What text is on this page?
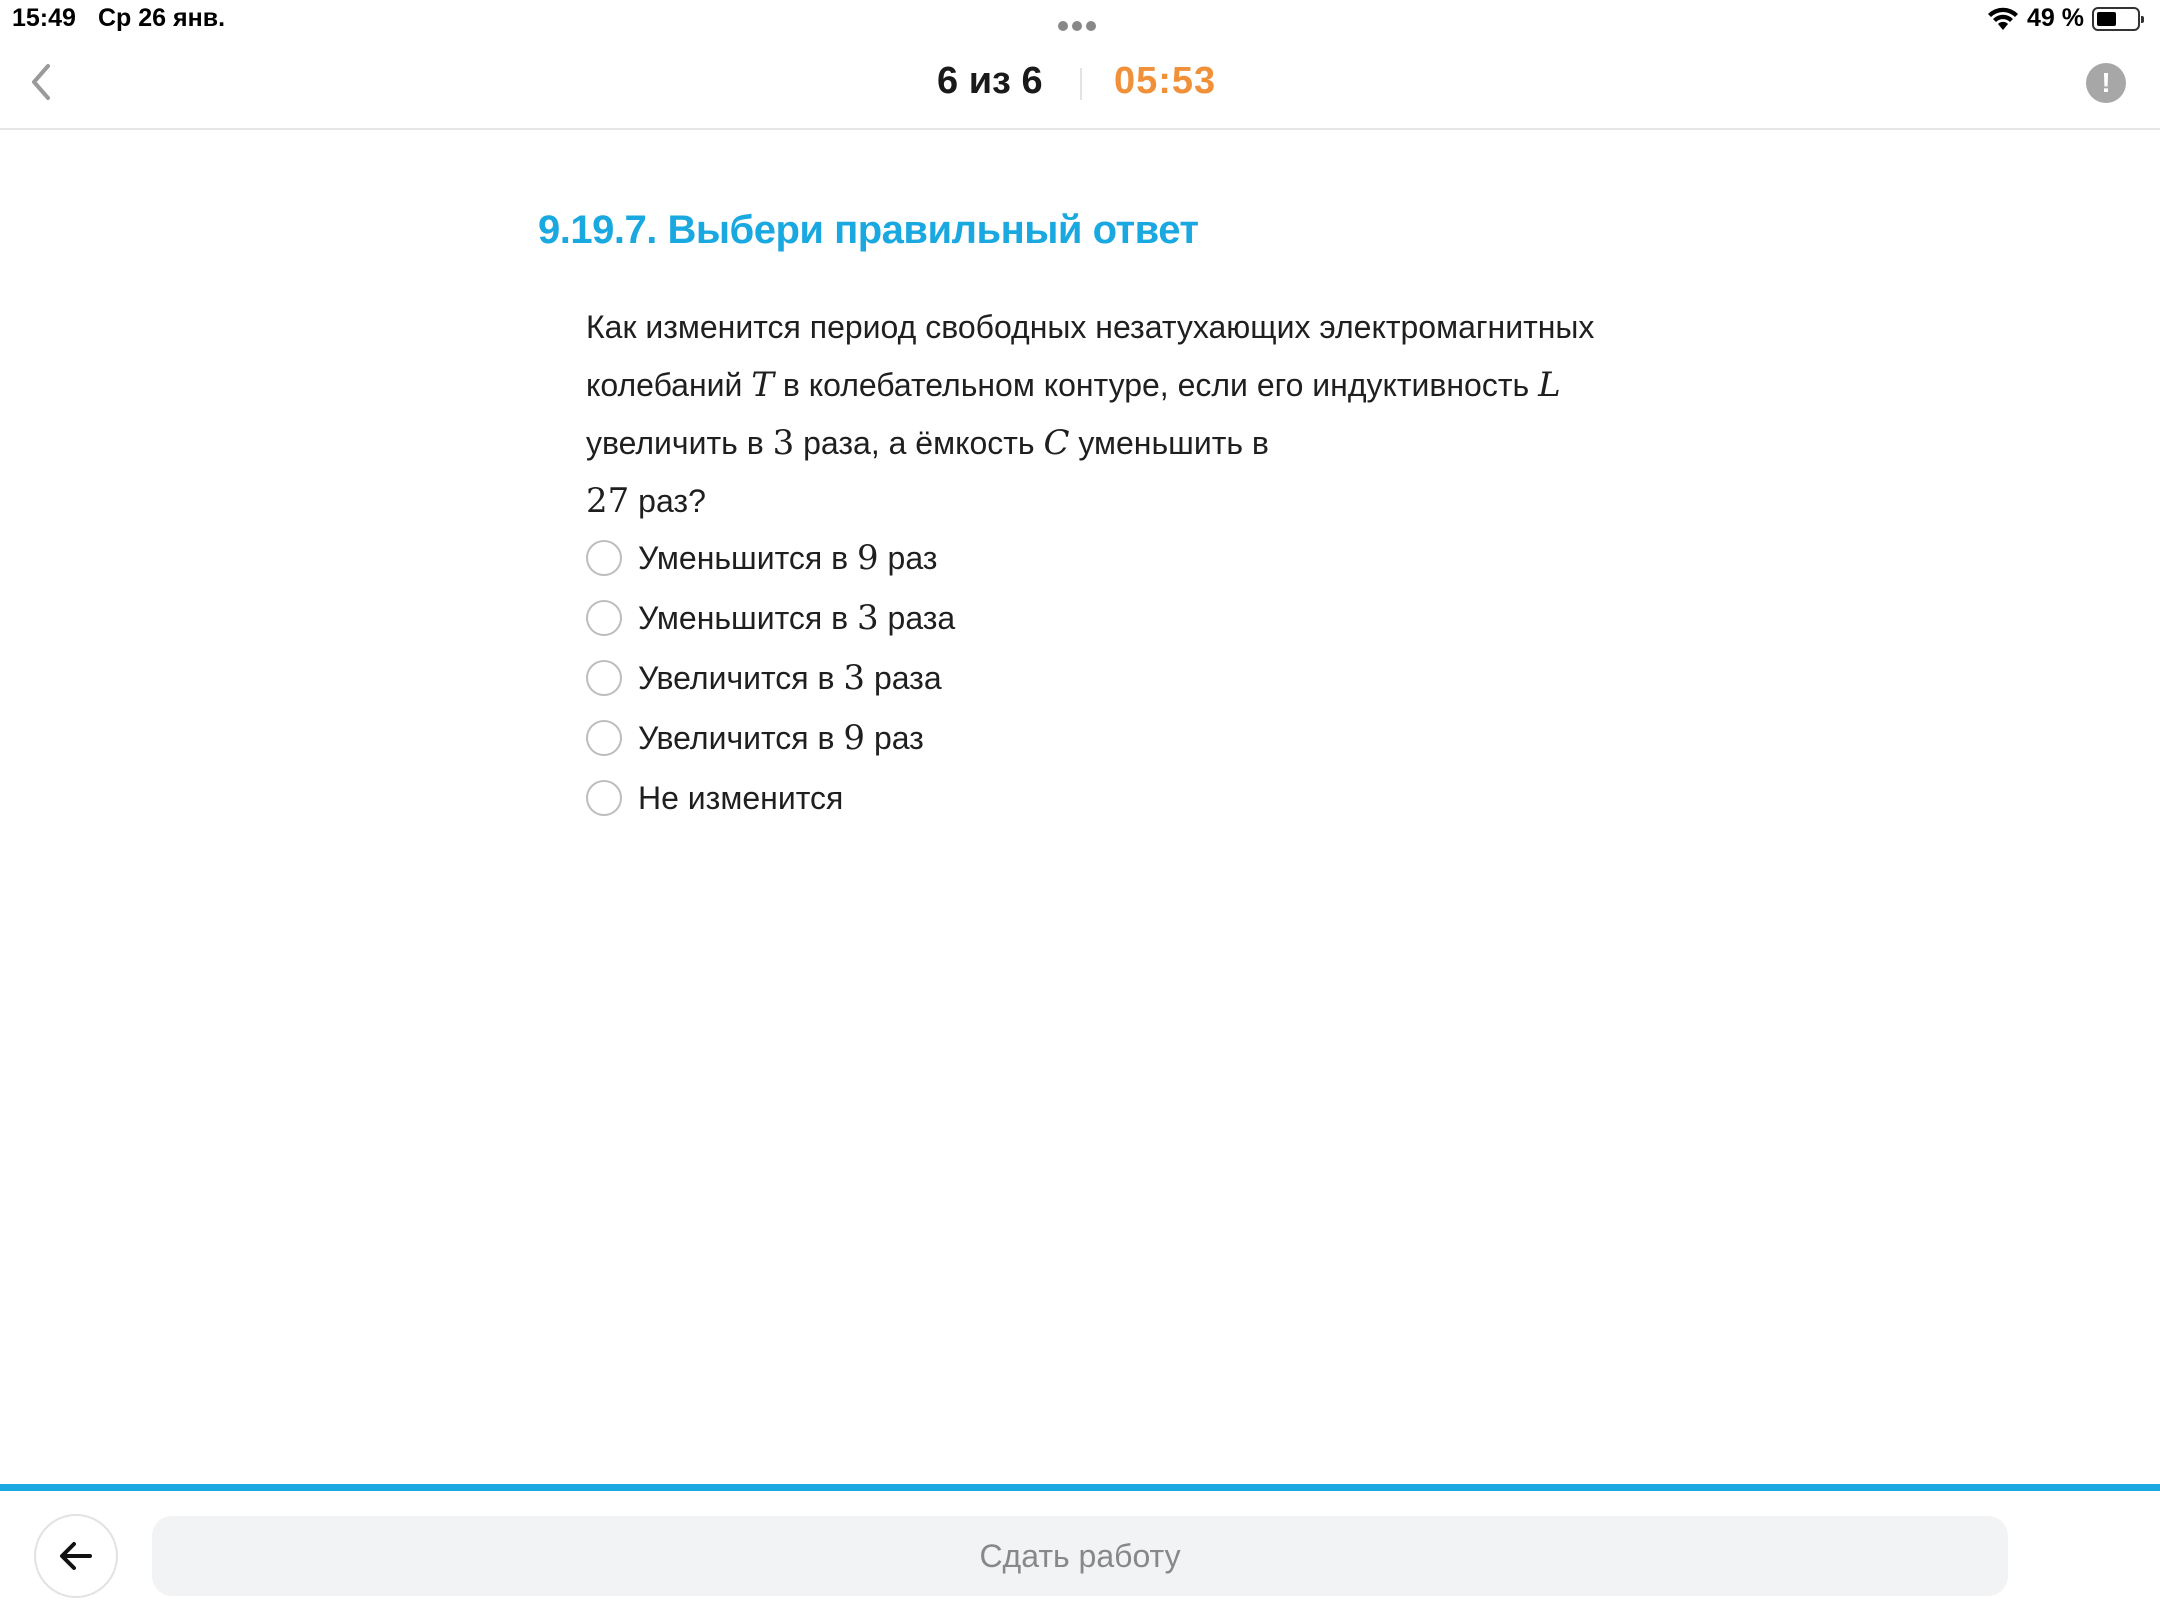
15:49 Ср 26 янв.	49 %
6 из 6 05:53	!
9.19.7. Выбери правильный ответ
Как изменится период свободных незатухающих электромагнитных колебаний T в колебательном контуре, если его индуктивность L увеличить в 3 раза, а ёмкость C уменьшить в
27 раз?
Уменьшится в 9 раз
Уменьшится в 3 раза
Увеличится в 3 раза
Увеличится в 9 раз
Не изменится
Сдать работу
